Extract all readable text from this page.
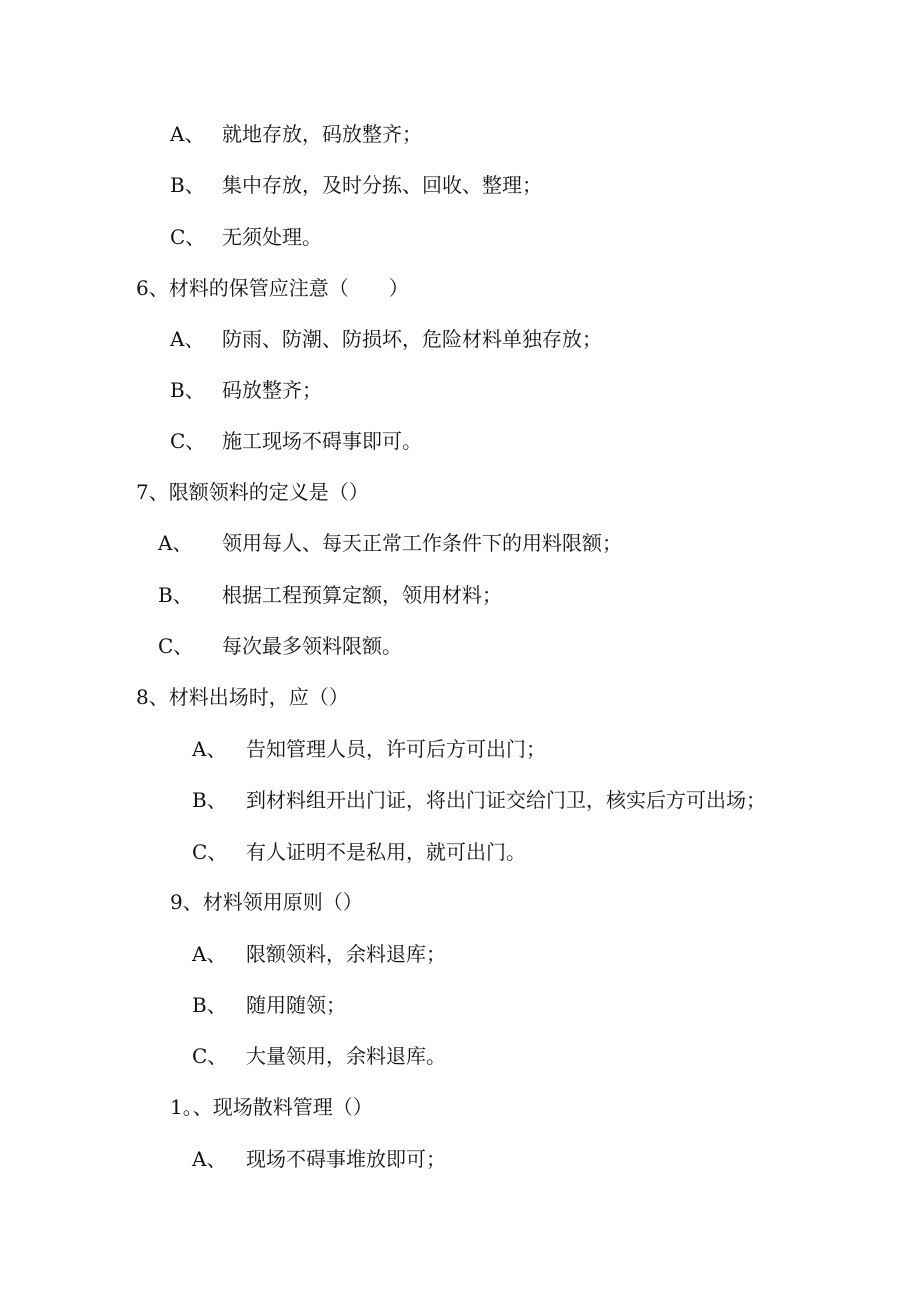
A、 就地存放，码放整齐；
B、 集中存放，及时分拣、回收、整理；
C、 无须处理。
6、材料的保管应注意（　　）
A、 防雨、防潮、防损坏，危险材料单独存放；
B、 码放整齐；
C、 施工现场不碍事即可。
7、限额领料的定义是（）
A、 领用每人、每天正常工作条件下的用料限额；
B、 根据工程预算定额，领用材料；
C、 每次最多领料限额。
8、材料出场时，应（）
A、 告知管理人员，许可后方可出门；
B、 到材料组开出门证，将出门证交给门卫，核实后方可出场；
C、 有人证明不是私用，就可出门。
9、材料领用原则（）
A、 限额领料，余料退库；
B、 随用随领；
C、 大量领用，余料退库。
1。、现场散料管理（）
A、 现场不碍事堆放即可；
